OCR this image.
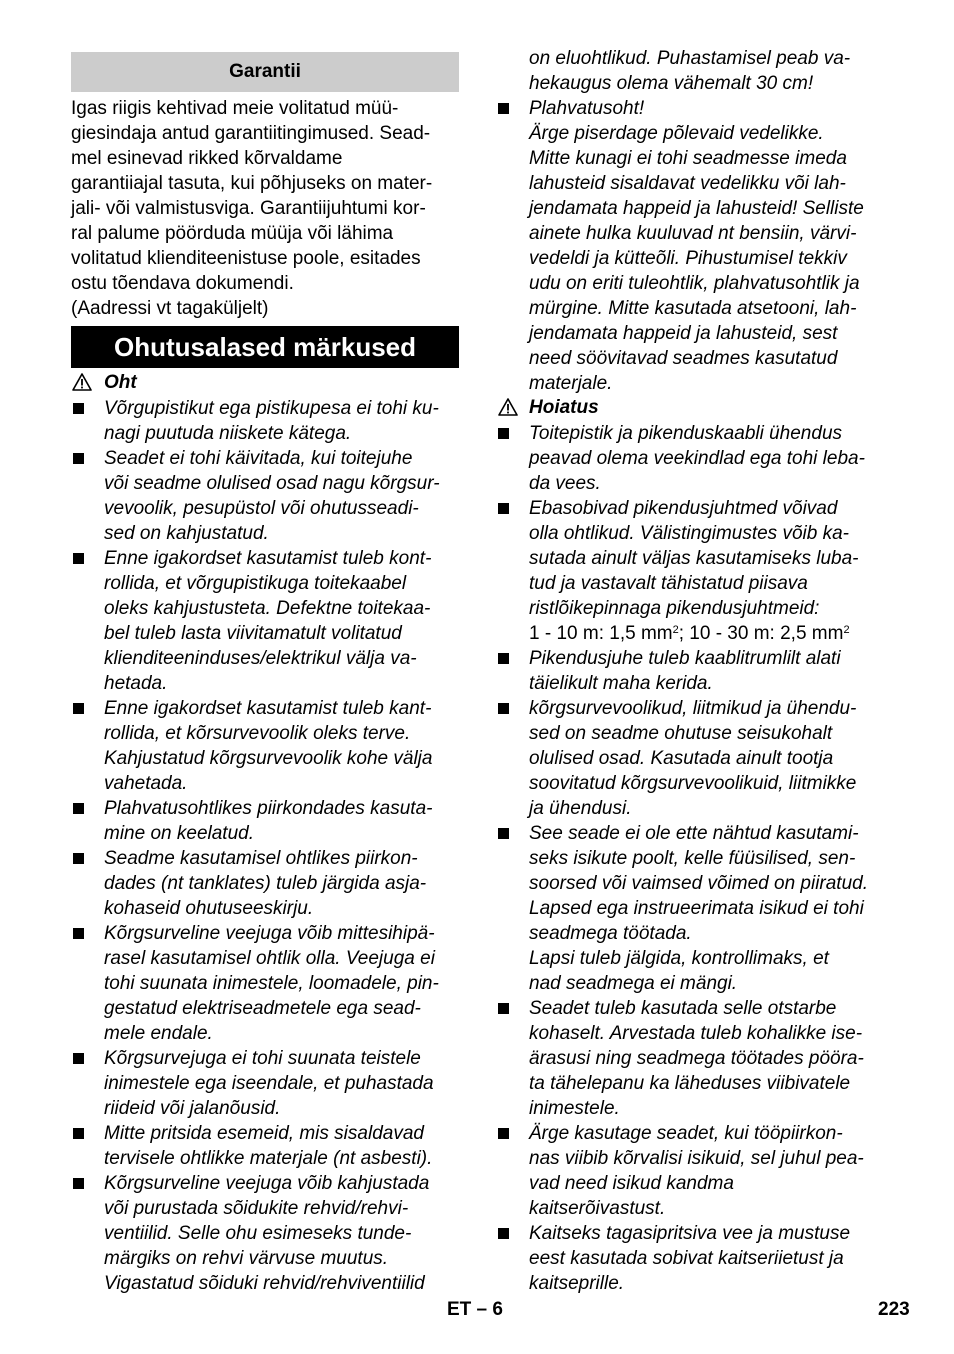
Garantii
Igas riigis kehtivad meie volitatud müü-
giesindaja antud garantiitingimused. Sead-
mel esinevad rikked kõrvaldame
garantiiajal tasuta, kui põhjuseks on mater-
jali- või valmistusviga. Garantiijuhtumi kor-
ral palume pöörduda müüja või lähima
volitatud klienditeenistuse poole, esitades
ostu tõendava dokumendi.
(Aadressi vt tagaküljelt)
Ohutusalased märkused
Oht
Võrgupistikut ega pistikupesa ei tohi ku-
nagi puutuda niiskete kätega.
Seadet ei tohi käivitada, kui toitejuhe
või seadme olulised osad nagu kõrgsur-
vevoolik, pesupüstol või ohutusseadi-
sed on kahjustatud.
Enne igakordset kasutamist tuleb kont-
rollida, et võrgupistikuga toitekaabel
oleks kahjustusteta. Defektne toitekaa-
bel tuleb lasta viivitamatult volitatud
klienditeeninduses/elektrikul välja va-
hetada.
Enne igakordset kasutamist tuleb kant-
rollida, et kõrsurvevoolik oleks terve.
Kahjustatud kõrgsurvevoolik kohe välja
vahetada.
Plahvatusohtlikes piirkondades kasuta-
mine on keelatud.
Seadme kasutamisel ohtlikes piirkon-
dades (nt tanklates) tuleb järgida asja-
kohaseid ohutuseeskirju.
Kõrgsurveline veejuga võib mittesihipä-
rasel kasutamisel ohtlik olla. Veejuga ei
tohi suunata inimestele, loomadele, pin-
gestatud elektriseadmetele ega sead-
mele endale.
Kõrgsurvejuga ei tohi suunata teistele
inimestele ega iseendale, et puhastada
riideid või jalanõusid.
Mitte pritsida esemeid, mis sisaldavad
tervisele ohtlikke materjale (nt asbesti).
Kõrgsurveline veejuga võib kahjustada
või purustada sõidukite rehvid/rehvi-
ventiilid. Selle ohu esimeseks tunde-
märgiks on rehvi värvuse muutus.
Vigastatud sõiduki rehvid/rehviventiilid
on eluohtlikud. Puhastamisel peab va-
hekaugus olema vähemalt 30 cm!
Plahvatusoht!
Ärge piserdage põlevaid vedelikke.
Mitte kunagi ei tohi seadmesse imeda
lahusteid sisaldavat vedelikku või lah-
jendamata happeid ja lahusteid! Selliste
ainete hulka kuuluvad nt bensiin, värvi-
vedeldi ja kütteõli. Pihustumisel tekkiv
udu on eriti tuleohtlik, plahvatusohtlik ja
mürgine. Mitte kasutada atsetooni, lah-
jendamata happeid ja lahusteid, sest
need söövitavad seadmes kasutatud
materjale.
Hoiatus
Toitepistik ja pikenduskaabli ühendus
peavad olema veekindlad ega tohi leba-
da vees.
Ebasobivad pikendusjuhtmed võivad
olla ohtlikud. Välistingimustes võib ka-
sutada ainult väljas kasutamiseks luba-
tud ja vastavalt tähistatud piisava
ristlõikepinnaga pikendusjuhtmeid:
1 - 10 m: 1,5 $mm^2$; 10 - 30 m: 2,5 $mm^2$
Pikendusjuhe tuleb kaablitrumlilt alati
täielikult maha kerida.
kõrgsurvevoolikud, liitmikud ja ühendu-
sed on seadme ohutuse seisukohalt
olulised osad. Kasutada ainult tootja
soovitatud kõrgsurvevoolikuid, liitmikke
ja ühendusi.
See seade ei ole ette nähtud kasutami-
seks isikute poolt, kelle füüsilised, sen-
soorsed või vaimsed võimed on piiratud.
Lapsed ega instrueerimata isikud ei tohi
seadmega töötada.
Lapsi tuleb jälgida, kontrollimaks, et
nad seadmega ei mängi.
Seadet tuleb kasutada selle otstarbe
kohaselt. Arvestada tuleb kohalikke ise-
ärasusi ning seadmega töötades pööra-
ta tähelepanu ka läheduses viibivatele
inimestele.
Ärge kasutage seadet, kui tööpiirkon-
nas viibib kõrvalisi isikuid, sel juhul pea-
vad need isikud kandma
kaitserõivastust.
Kaitseks tagasipritsiva vee ja mustuse
eest kasutada sobivat kaitseriietust ja
kaitseprille.
ET – 6	223
